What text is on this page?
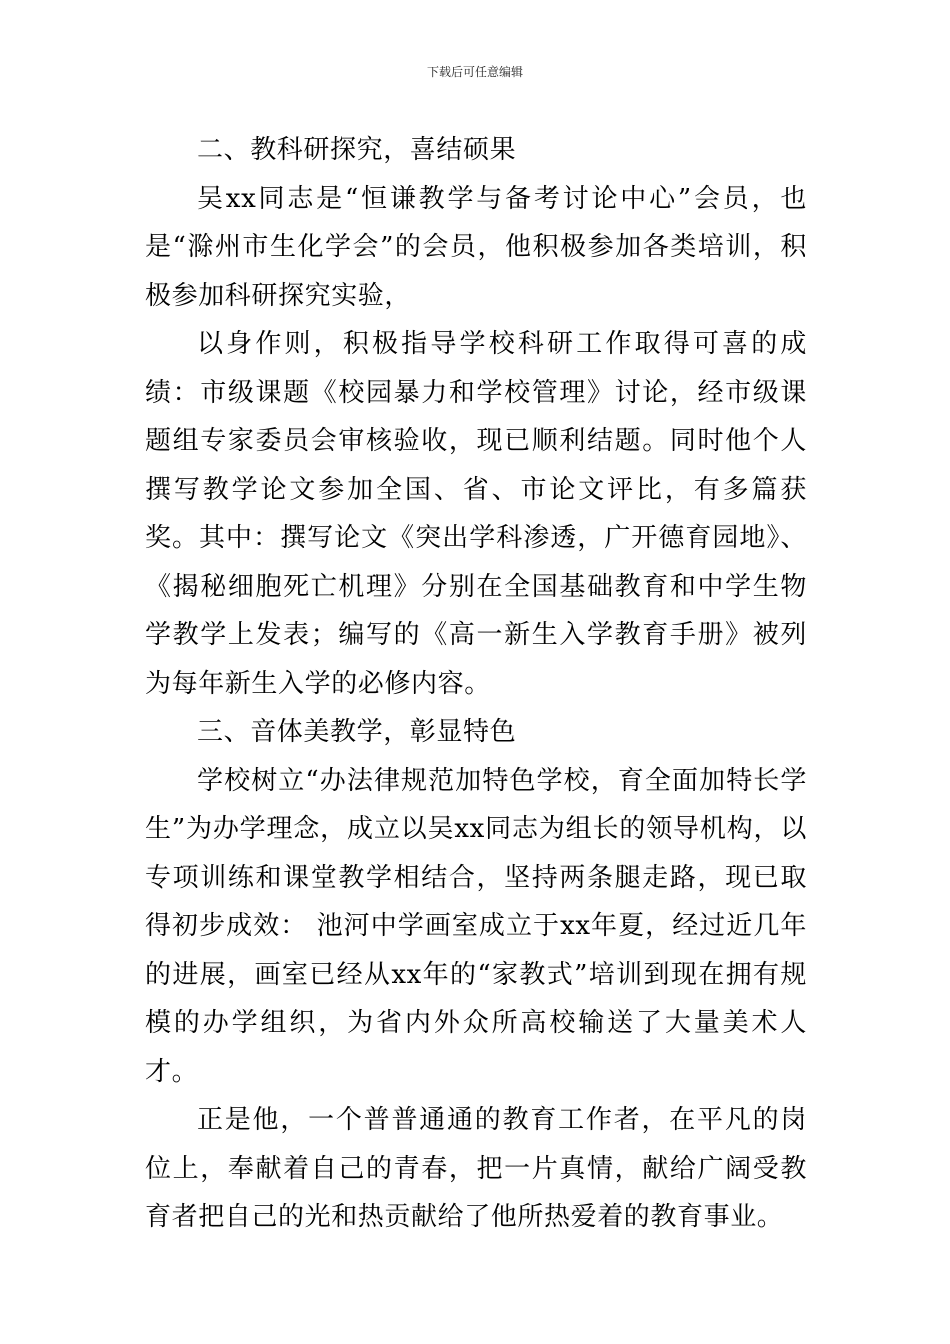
下载后可任意编辑

二、教科研探究，喜结硕果

吴xx同志是“恒谦教学与备考讨论中心”会员，也是“滁州市生化学会”的会员，他积极参加各类培训，积极参加科研探究实验，

以身作则，积极指导学校科研工作取得可喜的成绩：市级课题《校园暴力和学校管理》讨论，经市级课题组专家委员会审核验收，现已顺利结题。同时他个人撰写教学论文参加全国、省、市论文评比，有多篇获奖。其中：撰写论文《突出学科渗透，广开德育园地》、《揭秘细胞死亡机理》分别在全国基础教育和中学生物学教学上发表；编写的《高一新生入学教育手册》被列为每年新生入学的必修内容。

三、音体美教学，彰显特色

学校树立“办法律规范加特色学校，育全面加特长学生”为办学理念，成立以吴xx同志为组长的领导机构，以专项训练和课堂教学相结合，坚持两条腿走路，现已取得初步成效： 池河中学画室成立于xx年夏，经过近几年的进展，画室已经从xx年的“家教式”培训到现在拥有规模的办学组织，为省内外众所高校输送了大量美术人才。

正是他，一个普普通通的教育工作者，在平凡的岗位上，奉献着自己的青春，把一片真情，献给广阔受教育者把自己的光和热贡献给了他所热爱着的教育事业。
